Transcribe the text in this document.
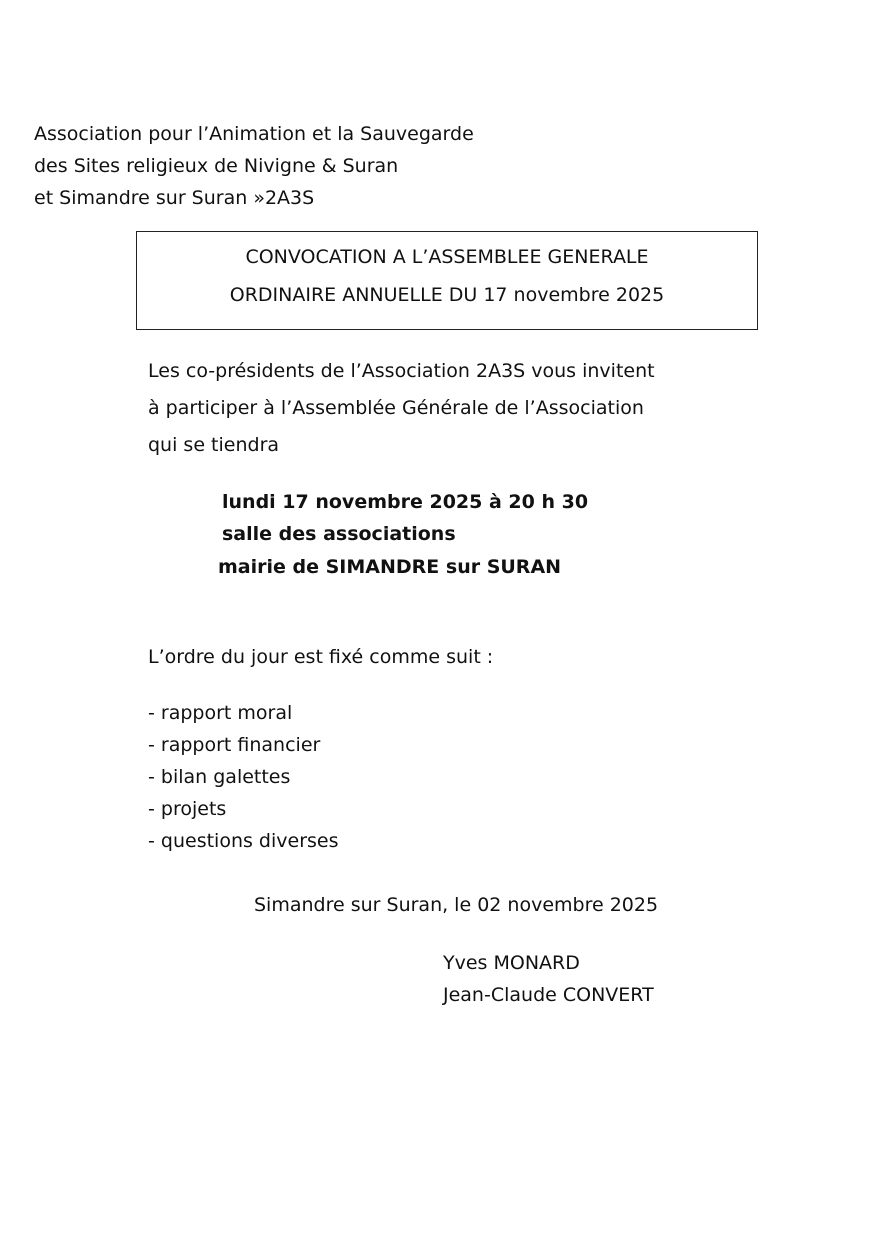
Association pour l’Animation et la Sauvegarde
des Sites religieux de Nivigne & Suran
et Simandre sur Suran »2A3S
CONVOCATION A L’ASSEMBLEE GENERALE
ORDINAIRE ANNUELLE DU 17 novembre 2025
Les co-présidents de l’Association 2A3S vous invitent
à participer à l’Assemblée Générale de l’Association
qui se tiendra
lundi 17 novembre 2025 à 20 h 30
salle des associations
mairie de SIMANDRE sur SURAN
L’ordre du jour est fixé comme suit :
- rapport moral
- rapport financier
- bilan galettes
- projets
- questions diverses
Simandre sur Suran, le 02 novembre 2025
Yves MONARD
Jean-Claude CONVERT
